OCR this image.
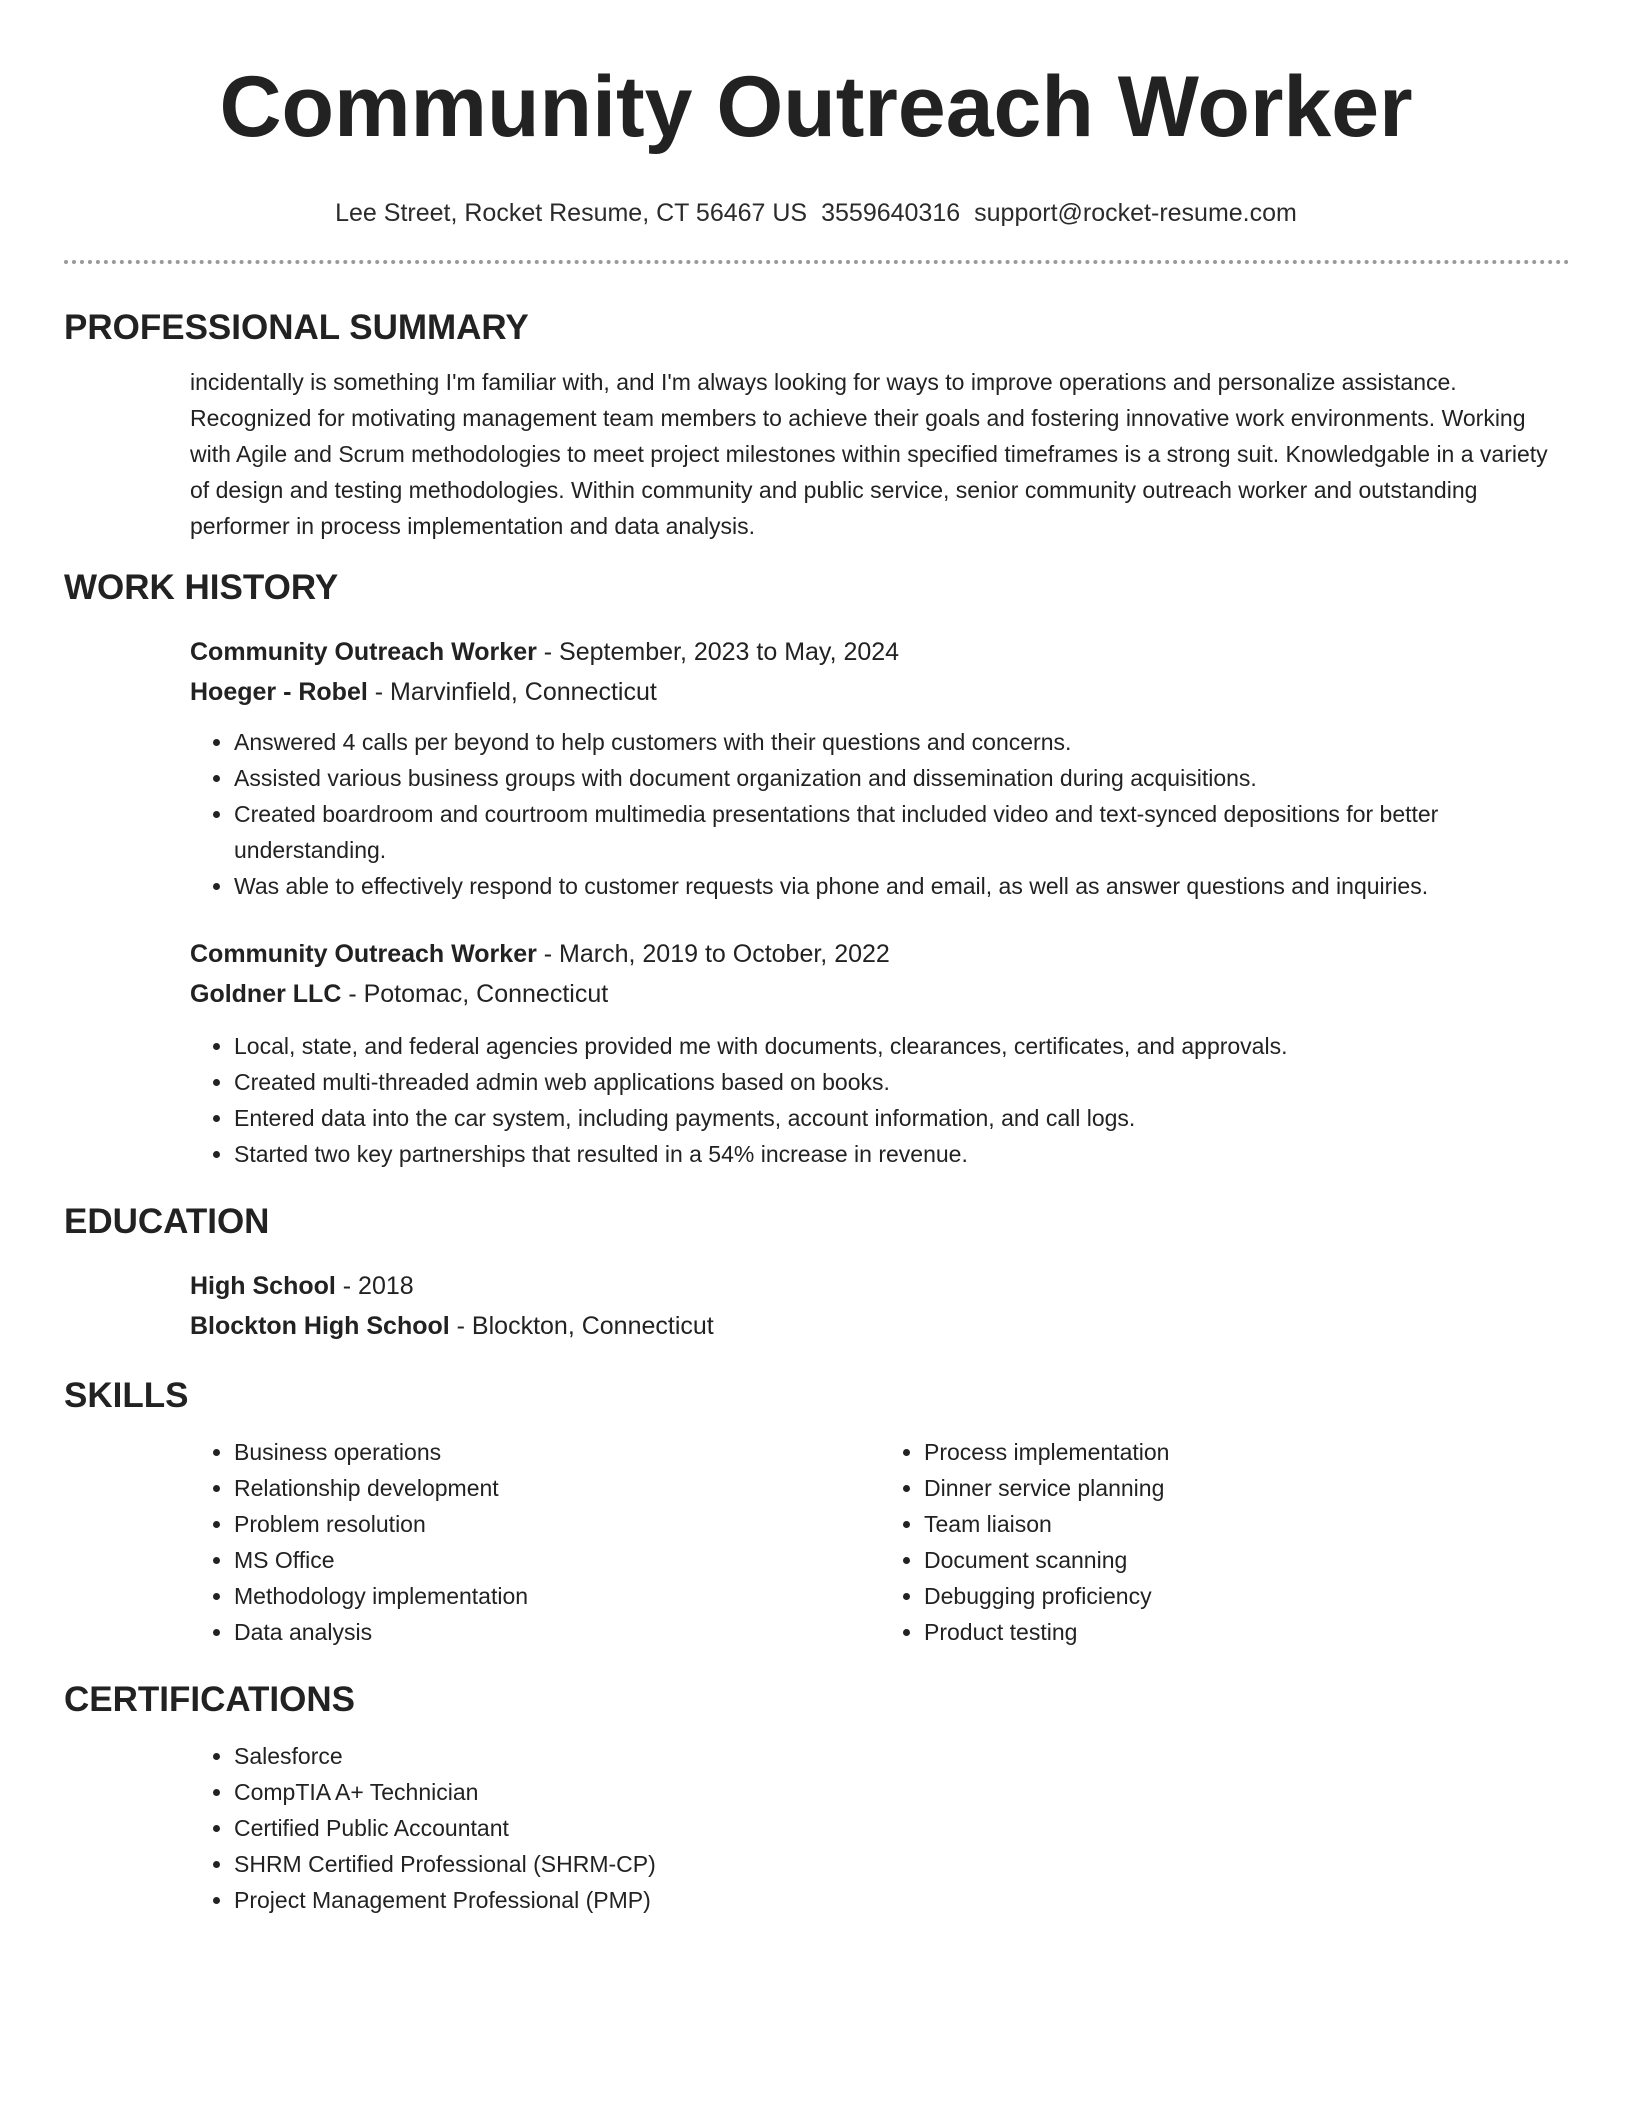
Community Outreach Worker
Lee Street, Rocket Resume, CT 56467 US 3559640316 support@rocket-resume.com
PROFESSIONAL SUMMARY

incidentally is something I'm familiar with, and I'm always looking for ways to improve operations and personalize assistance. Recognized for motivating management team members to achieve their goals and fostering innovative work environments. Working with Agile and Scrum methodologies to meet project milestones within specified timeframes is a strong suit. Knowledgable in a variety of design and testing methodologies. Within community and public service, senior community outreach worker and outstanding performer in process implementation and data analysis.

WORK HISTORY
Community Outreach Worker - September, 2023 to May, 2024
Hoeger - Robel - Marvinfield, Connecticut
• Answered 4 calls per beyond to help customers with their questions and concerns.
• Assisted various business groups with document organization and dissemination during acquisitions.
• Created boardroom and courtroom multimedia presentations that included video and text-synced depositions for better understanding.
• Was able to effectively respond to customer requests via phone and email, as well as answer questions and inquiries.
Community Outreach Worker - March, 2019 to October, 2022
Goldner LLC - Potomac, Connecticut
• Local, state, and federal agencies provided me with documents, clearances, certificates, and approvals.
• Created multi-threaded admin web applications based on books.
• Entered data into the car system, including payments, account information, and call logs.
• Started two key partnerships that resulted in a 54% increase in revenue.
EDUCATION
High School - 2018
Blockton High School - Blockton, Connecticut
SKILLS
• Business operations
• Relationship development
• Problem resolution
• MS Office
• Methodology implementation
• Data analysis
• Process implementation
• Dinner service planning
• Team liaison
• Document scanning
• Debugging proficiency
• Product testing
CERTIFICATIONS
• Salesforce
• CompTIA A+ Technician
• Certified Public Accountant
• SHRM Certified Professional (SHRM-CP)
• Project Management Professional (PMP)
